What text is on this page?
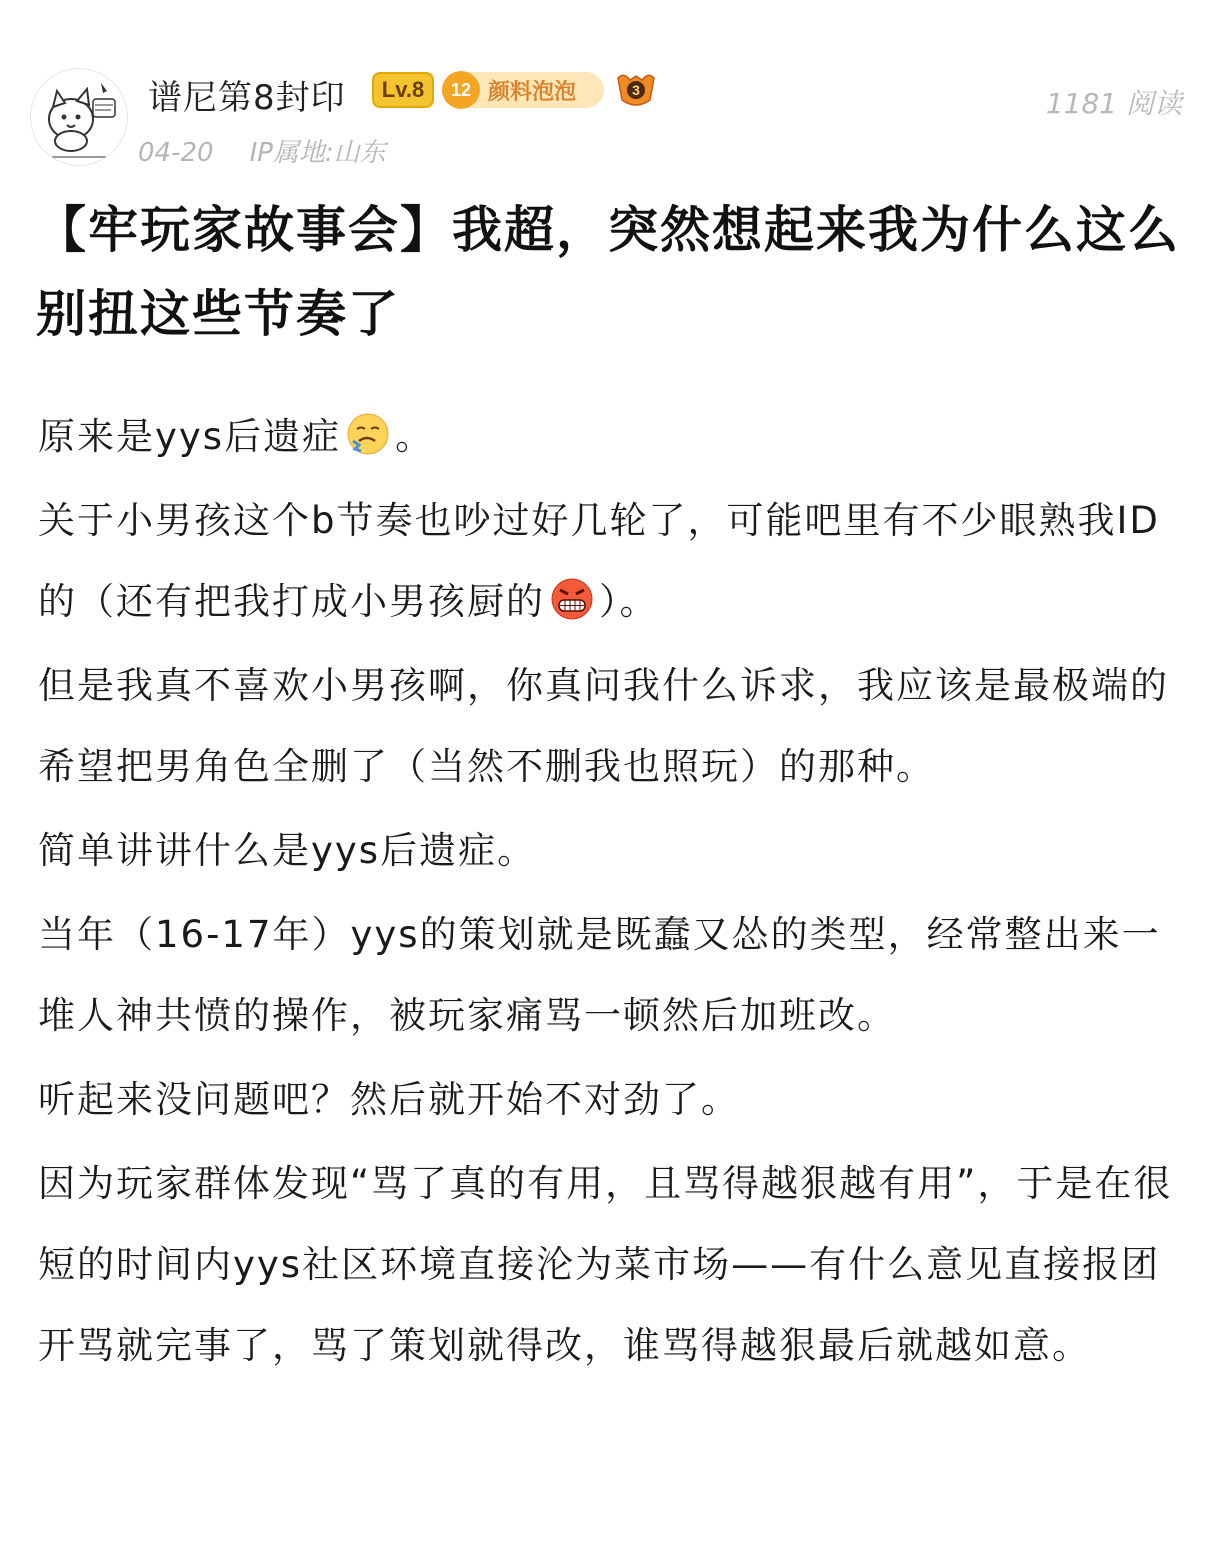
谱尼第8封印	Lv.8	12 颜料泡泡	3	1181 阅读
04-20 IP属地:山东
【牢玩家故事会】我超，突然想起来我为什么这么别扭这些节奏了

原来是yys后遗症 。

关于小男孩这个b节奏也吵过好几轮了，可能吧里有不少眼熟我ID的（还有把我打成小男孩厨的 ）。

但是我真不喜欢小男孩啊，你真问我什么诉求，我应该是最极端的希望把男角色全删了（当然不删我也照玩）的那种。

简单讲讲什么是yys后遗症。

当年（16-17年）yys的策划就是既蠢又怂的类型，经常整出来一堆人神共愤的操作，被玩家痛骂一顿然后加班改。

听起来没问题吧？然后就开始不对劲了。

因为玩家群体发现“骂了真的有用，且骂得越狠越有用”，于是在很短的时间内yys社区环境直接沦为菜市场——有什么意见直接报团开骂就完事了，骂了策划就得改，谁骂得越狠最后就越如意。
